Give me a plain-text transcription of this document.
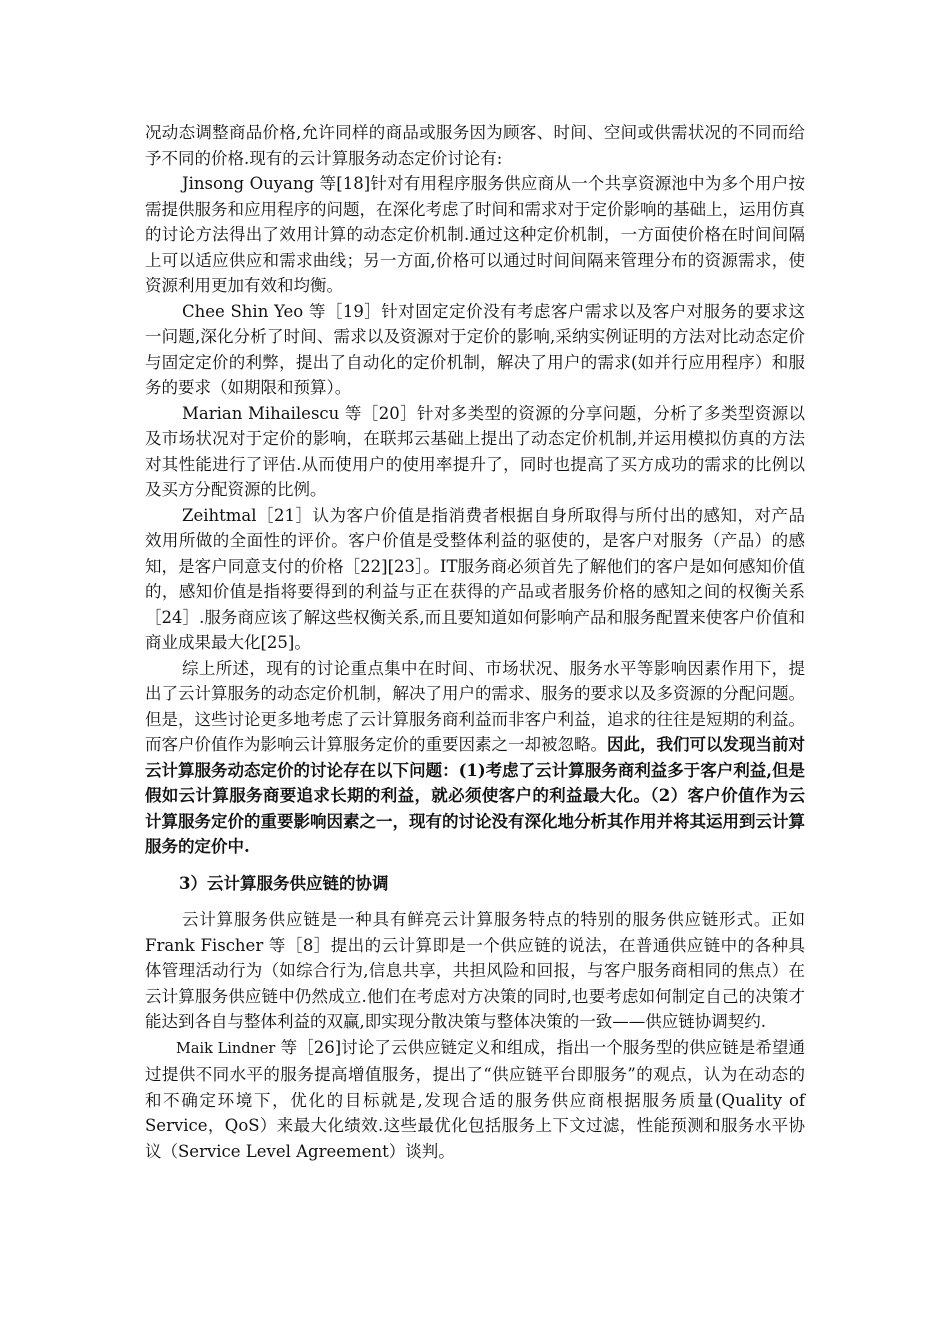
况动态调整商品价格,允许同样的商品或服务因为顾客、时间、空间或供需状况的不同而给予不同的价格.现有的云计算服务动态定价讨论有:

Jinsong Ouyang 等[18]针对有用程序服务供应商从一个共享资源池中为多个用户按需提供服务和应用程序的问题，在深化考虑了时间和需求对于定价影响的基础上，运用仿真的讨论方法得出了效用计算的动态定价机制.通过这种定价机制，一方面使价格在时间间隔上可以适应供应和需求曲线；另一方面,价格可以通过时间间隔来管理分布的资源需求，使资源利用更加有效和均衡。

Chee Shin Yeo 等［19］针对固定定价没有考虑客户需求以及客户对服务的要求这一问题,深化分析了时间、需求以及资源对于定价的影响,采纳实例证明的方法对比动态定价与固定定价的利弊，提出了自动化的定价机制，解决了用户的需求(如并行应用程序）和服务的要求（如期限和预算）。

Marian Mihailescu 等［20］针对多类型的资源的分享问题，分析了多类型资源以及市场状况对于定价的影响，在联邦云基础上提出了动态定价机制,并运用模拟仿真的方法对其性能进行了评估.从而使用户的使用率提升了，同时也提高了买方成功的需求的比例以及买方分配资源的比例。

Zeihtmal［21］认为客户价值是指消费者根据自身所取得与所付出的感知，对产品效用所做的全面性的评价。客户价值是受整体利益的驱使的，是客户对服务（产品）的感知，是客户同意支付的价格［22][23］。IT服务商必须首先了解他们的客户是如何感知价值的，感知价值是指将要得到的利益与正在获得的产品或者服务价格的感知之间的权衡关系［24］.服务商应该了解这些权衡关系,而且要知道如何影响产品和服务配置来使客户价值和商业成果最大化[25]。

综上所述，现有的讨论重点集中在时间、市场状况、服务水平等影响因素作用下，提出了云计算服务的动态定价机制，解决了用户的需求、服务的要求以及多资源的分配问题。但是，这些讨论更多地考虑了云计算服务商利益而非客户利益，追求的往往是短期的利益。而客户价值作为影响云计算服务定价的重要因素之一却被忽略。因此，我们可以发现当前对云计算服务动态定价的讨论存在以下问题：(1)考虑了云计算服务商利益多于客户利益,但是假如云计算服务商要追求长期的利益，就必须使客户的利益最大化。（2）客户价值作为云计算服务定价的重要影响因素之一，现有的讨论没有深化地分析其作用并将其运用到云计算服务的定价中.

3）云计算服务供应链的协调

云计算服务供应链是一种具有鲜亮云计算服务特点的特别的服务供应链形式。正如 Frank Fischer 等［8］提出的云计算即是一个供应链的说法，在普通供应链中的各种具体管理活动行为（如综合行为,信息共享，共担风险和回报，与客户服务商相同的焦点）在云计算服务供应链中仍然成立.他们在考虑对方决策的同时,也要考虑如何制定自己的决策才能达到各自与整体利益的双赢,即实现分散决策与整体决策的一致——供应链协调契约.

Maik Lindner 等［26]讨论了云供应链定义和组成，指出一个服务型的供应链是希望通过提供不同水平的服务提高增值服务，提出了“供应链平台即服务”的观点，认为在动态的和不确定环境下，优化的目标就是,发现合适的服务供应商根据服务质量(Quality of Service，QoS）来最大化绩效.这些最优化包括服务上下文过滤，性能预测和服务水平协议（Service Level Agreement）谈判。
